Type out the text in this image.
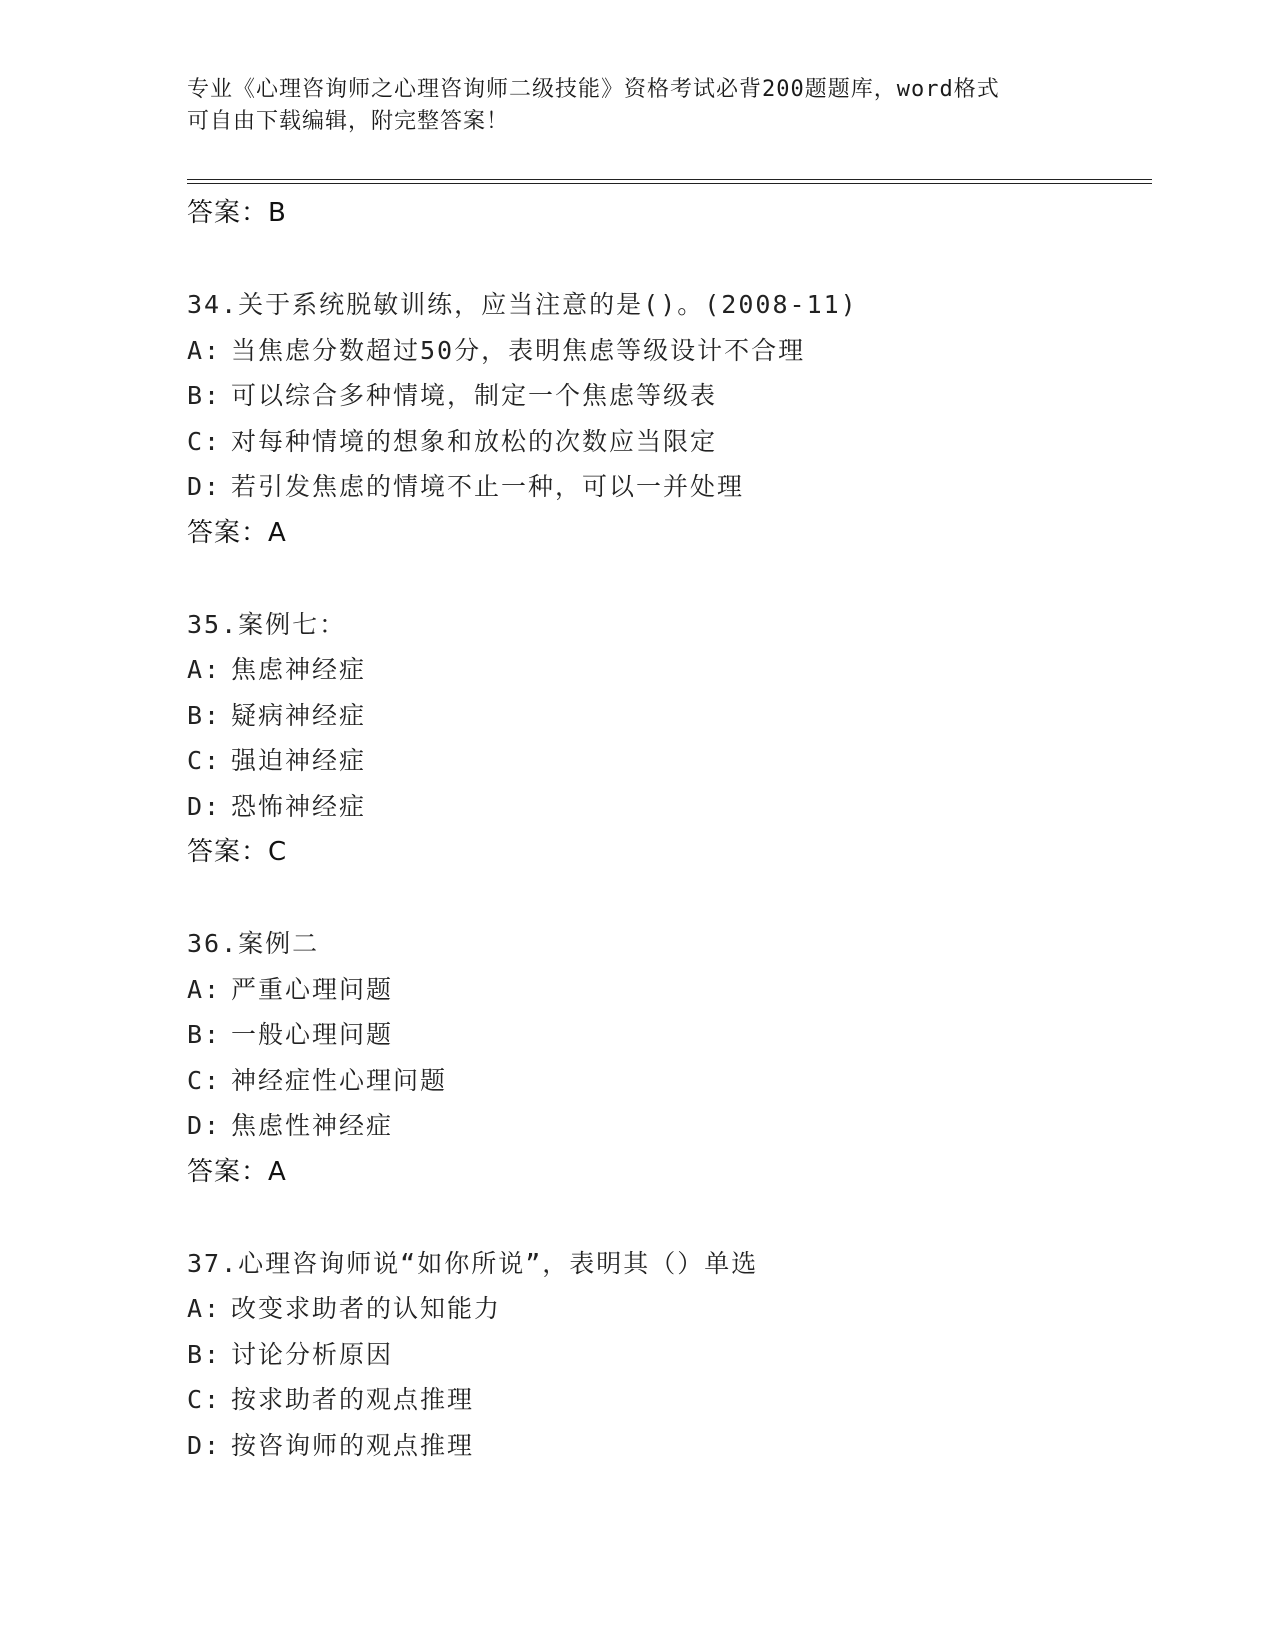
专业《心理咨询师之心理咨询师二级技能》资格考试必背200题题库，word格式
可自由下载编辑，附完整答案！
答案：B
34.关于系统脱敏训练，应当注意的是()。(2008-11)
A: 当焦虑分数超过50分，表明焦虑等级设计不合理
B: 可以综合多种情境，制定一个焦虑等级表
C: 对每种情境的想象和放松的次数应当限定
D: 若引发焦虑的情境不止一种，可以一并处理
答案：A
35.案例七：
A: 焦虑神经症
B: 疑病神经症
C: 强迫神经症
D: 恐怖神经症
答案：C
36.案例二
A: 严重心理问题
B: 一般心理问题
C: 神经症性心理问题
D: 焦虑性神经症
答案：A
37.心理咨询师说“如你所说”，表明其（）单选
A: 改变求助者的认知能力
B: 讨论分析原因
C: 按求助者的观点推理
D: 按咨询师的观点推理
